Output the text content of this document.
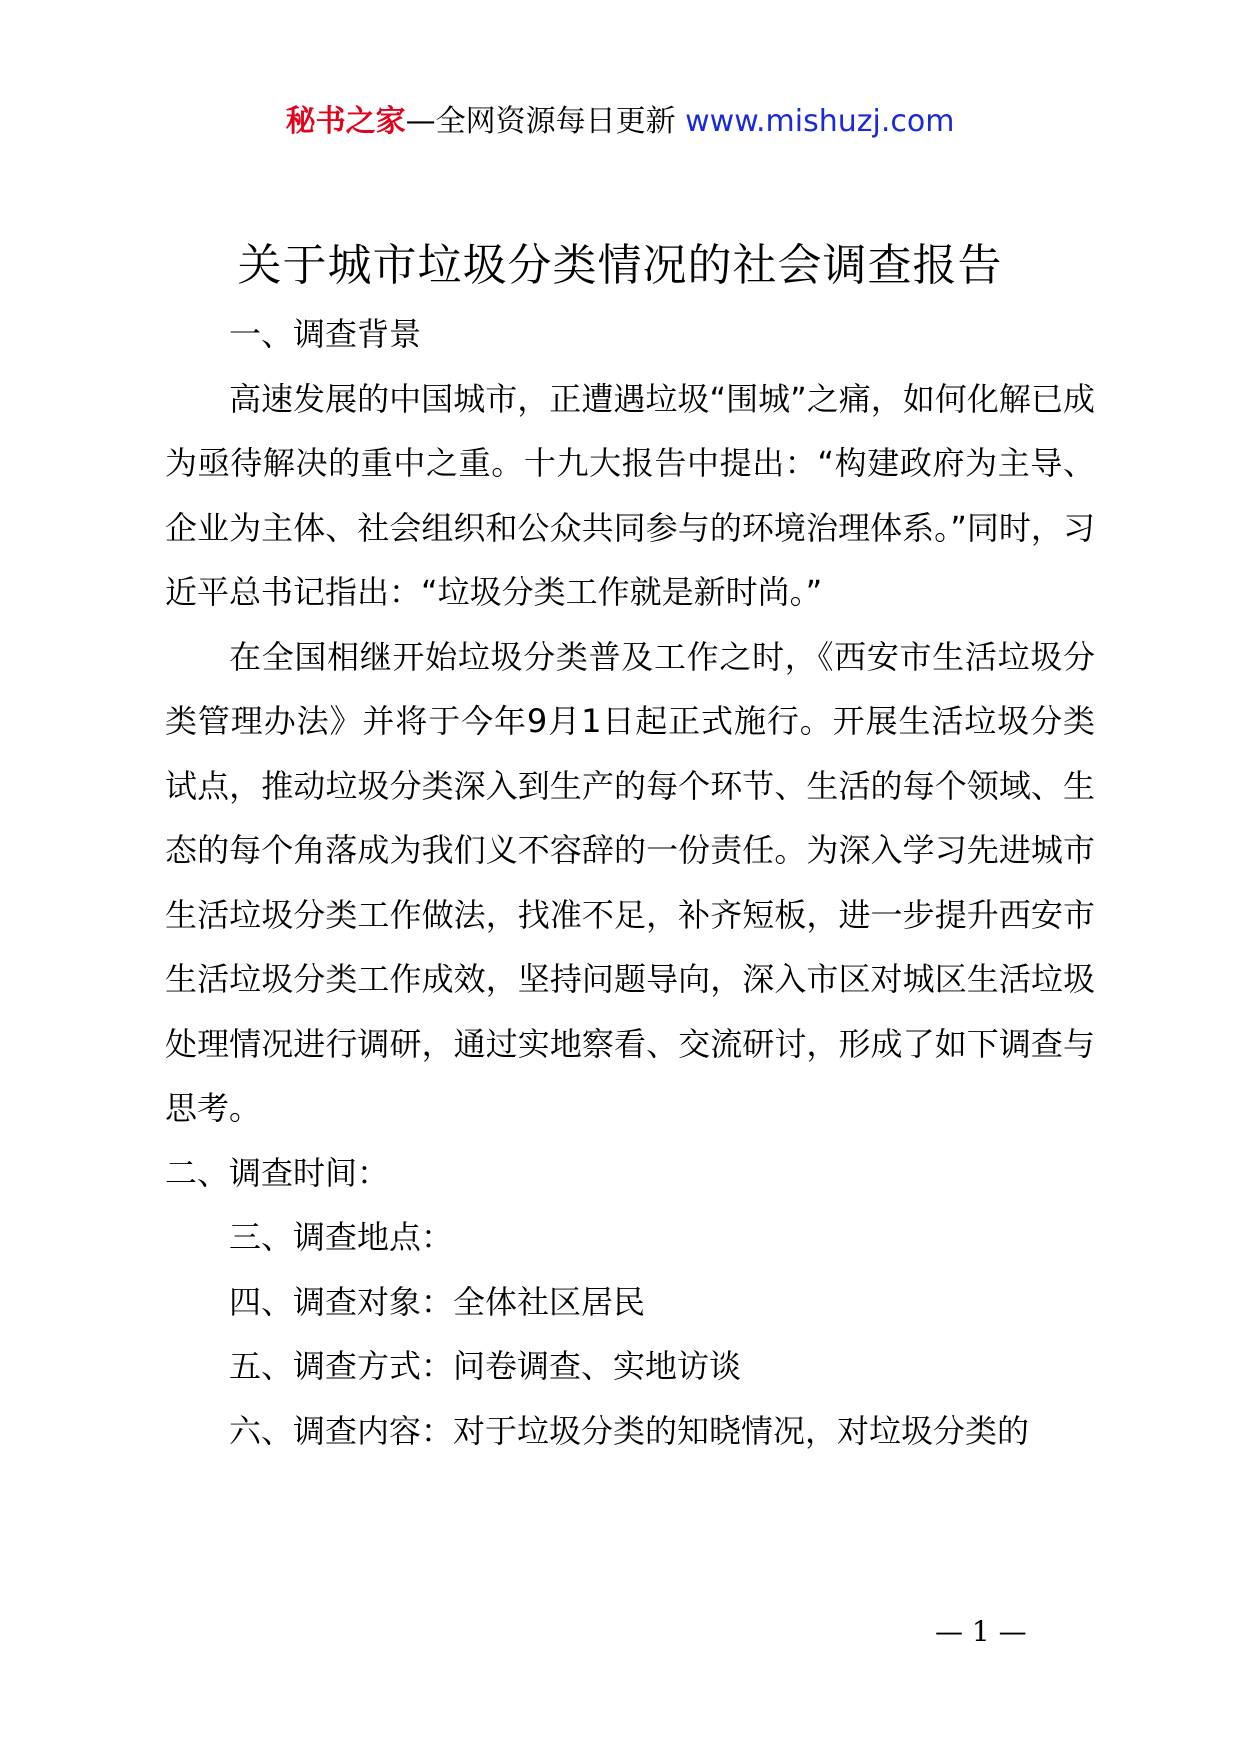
秘书之家—全网资源每日更新 www.mishuzj.com
关于城市垃圾分类情况的社会调查报告

一、调查背景

高速发展的中国城市，正遭遇垃圾“围城”之痛，如何化解已成为亟待解决的重中之重。十九大报告中提出：“构建政府为主导、企业为主体、社会组织和公众共同参与的环境治理体系。”同时，习近平总书记指出：“垃圾分类工作就是新时尚。”

在全国相继开始垃圾分类普及工作之时，《西安市生活垃圾分类管理办法》并将于今年9月1日起正式施行。开展生活垃圾分类试点，推动垃圾分类深入到生产的每个环节、生活的每个领域、生态的每个角落成为我们义不容辞的一份责任。为深入学习先进城市生活垃圾分类工作做法，找准不足，补齐短板，进一步提升西安市生活垃圾分类工作成效，坚持问题导向，深入市区对城区生活垃圾处理情况进行调研，通过实地察看、交流研讨，形成了如下调查与思考。

二、调查时间：

三、调查地点：

四、调查对象：全体社区居民

五、调查方式：问卷调查、实地访谈

六、调查内容：对于垃圾分类的知晓情况，对垃圾分类的

— 1 —
